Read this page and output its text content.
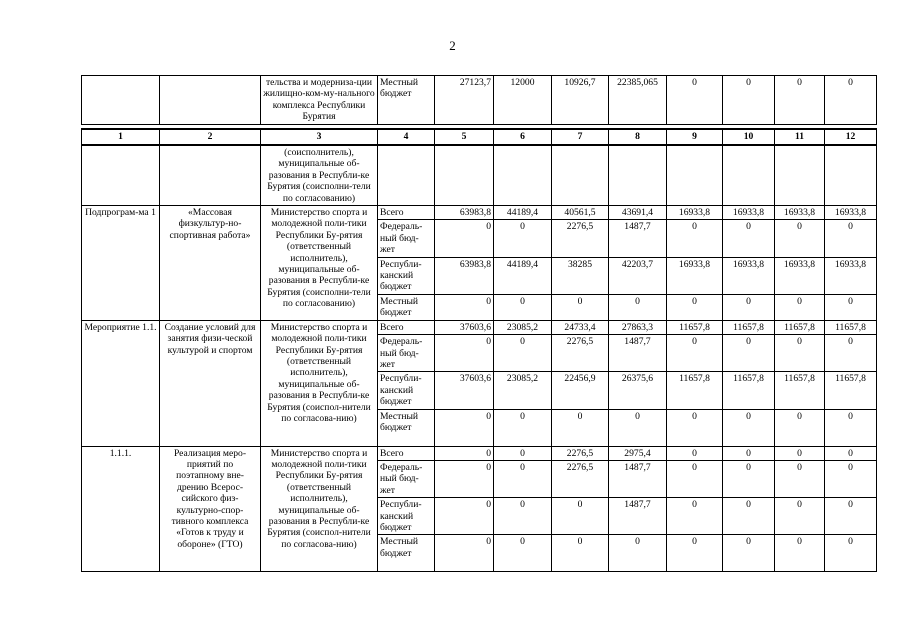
2
		тельства и модерниза-ции жилищно-ком-му-нального комплекса Республики Бурятия	Местный бюджет	27123,7	12000	10926,7	22385,065	0	0	0	0

1	2	3	4	5	6	7	8	9	10	11	12
		(соисполнитель), муниципальные об-разования в Республи-ке Бурятия (соисполни-тели по согласованию)									
Подпрограм-ма 1	«Массовая физкультур-но-спортивная работа»	Министерство спорта и молодежной поли-тики Республики Бу-рятия (ответственный исполнитель), муниципальные об-разования в Республи-ке Бурятия (соисполни-тели по согласованию)	Всего	63983,8	44189,4	40561,5	43691,4	16933,8	16933,8	16933,8	16933,8
			Федераль-ный бюд-жет	0	0	2276,5	1487,7	0	0	0	0
			Республи-канский бюджет	63983,8	44189,4	38285	42203,7	16933,8	16933,8	16933,8	16933,8
			Местный бюджет	0	0	0	0	0	0	0	0
Мероприятие 1.1.	Создание условий для занятия физи-ческой культурой и спортом	Министерство спорта и молодежной поли-тики Республики Бу-рятия (ответственный исполнитель), муниципальные об-разования в Республи-ке Бурятия (соиспол-нители по согласова-нию)	Всего	37603,6	23085,2	24733,4	27863,3	11657,8	11657,8	11657,8	11657,8
			Федераль-ный бюд-жет	0	0	2276,5	1487,7	0	0	0	0
			Республи-канский бюджет	37603,6	23085,2	22456,9	26375,6	11657,8	11657,8	11657,8	11657,8
			Местный бюджет	0	0	0	0	0	0	0	0
1.1.1.	Реализация меро-приятий по поэтапному вне-дрению Всерос-сийского физ-культурно-спор-тивного комплекса «Готов к труду и обороне» (ГТО)	Министерство спорта и молодежной поли-тики Республики Бу-рятия (ответственный исполнитель), муниципальные об-разования в Республи-ке Бурятия (соиспол-нители по согласова-нию)	Всего	0	0	2276,5	2975,4	0	0	0	0
			Федераль-ный бюд-жет	0	0	2276,5	1487,7	0	0	0	0
			Республи-канский бюджет	0	0	0	1487,7	0	0	0	0
			Местный бюджет	0	0	0	0	0	0	0	0
